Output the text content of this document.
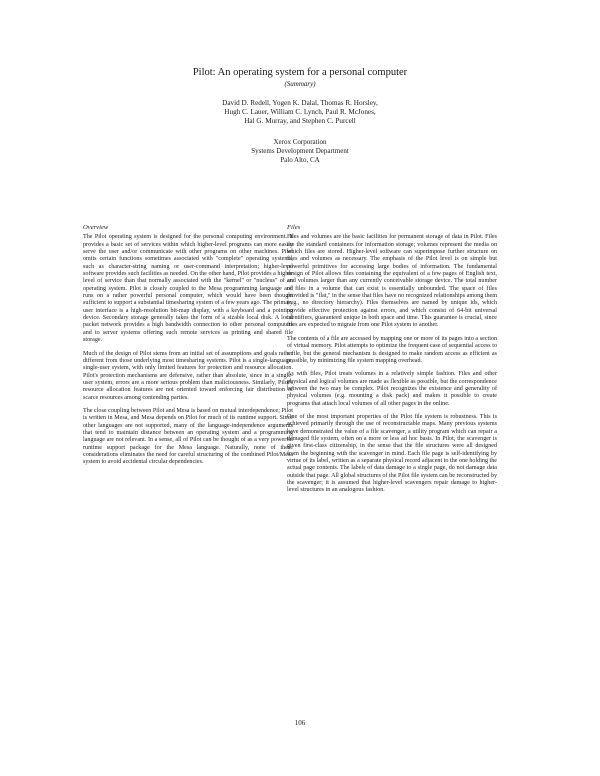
Pilot: An operating system for a personal computer
(Summary)
David D. Redell, Yogen K. Dalal, Thomas R. Horsley,
Hugh C. Lauer, William C. Lynch, Paul R. McJones,
Hal G. Murray, and Stephen C. Purcell
Xerox Corporation
Systems Development Department
Palo Alto, CA
Overview

The Pilot operating system is designed for the personal computing environment. It provides a basic set of services within which higher-level programs can more easily serve the user and/or communicate with other programs on other machines. Pilot omits certain functions sometimes associated with "complete" operating systems, such as character-string naming or user-command interpretation; higher-level software provides such facilities as needed. On the other hand, Pilot provides a higher level of service than that normally associated with the "kernel" or "nucleus" of an operating system. Pilot is closely coupled to the Mesa programming language and runs on a rather powerful personal computer, which would have been thought sufficient to support a substantial timesharing system of a few years ago. The primary user interface is a high-resolution bit-map display, with a keyboard and a pointing device. Secondary storage generally takes the form of a sizable local disk. A local packet network provides a high bandwidth connection to other personal computers and to server systems offering such remote services as printing and shared file storage.

Much of the design of Pilot stems from an initial set of assumptions and goals rather different from those underlying most timesharing systems. Pilot is a single-language, single-user system, with only limited features for protection and resource allocation. Pilot's protection mechanisms are defensive, rather than absolute, since in a single-user system, errors are a more serious problem than maliciousness. Similarly, Pilot's resource allocation features are not oriented toward enforcing fair distribution of scarce resources among contending parties.

The close coupling between Pilot and Mesa is based on mutual interdependence; Pilot is written in Mesa, and Mesa depends on Pilot for much of its runtime support. Since other languages are not supported, many of the language-independence arguments that tend to maintain distance between an operating system and a programming language are not relevant. In a sense, all of Pilot can be thought of as a very powerful runtime support package for the Mesa language. Naturally, none of these considerations eliminates the need for careful structuring of the combined Pilot/Mesa system to avoid accidental circular dependencies.

Files

Files and volumes are the basic facilities for permanent storage of data in Pilot. Files are the standard containers for information storage; volumes represent the media on which files are stored. Higher-level software can superimpose further structure on files and volumes as necessary. The emphasis of the Pilot level is on simple but powerful primitives for accessing large bodies of information. The fundamental design of Pilot allows files containing the equivalent of a few pages of English text, and volumes larger than any currently conceivable storage device. The total number of files in a volume that can exist is essentially unbounded. The space of files provided is "flat," in the sense that files have no recognized relationships among them (e.g., no directory hierarchy). Files themselves are named by unique ids, which provide effective protection against errors, and which consist of 64-bit universal identifiers, guaranteed unique in both space and time. This guarantee is crucial, since files are expected to migrate from one Pilot system to another.

The contents of a file are accessed by mapping one or more of its pages into a section of virtual memory. Pilot attempts to optimize the frequent case of sequential access to a file, but the general mechanism is designed to make random access as efficient as possible, by minimizing file system mapping overhead.

As with files, Pilot treats volumes in a relatively simple fashion. Files and other physical and logical volumes are made as flexible as possible, but the correspondence between the two may be complex. Pilot recognizes the existence and generality of physical volumes (e.g. mounting a disk pack) and makes it possible to create programs that attach local volumes of all other pages in the online.

One of the most important properties of the Pilot file system is robustness. This is achieved primarily through the use of reconstructable maps. Many previous systems have demonstrated the value of a file scavenger, a utility program which can repair a damaged file system, often on a more or less ad hoc basis. In Pilot, the scavenger is given first-class citizenship, in the sense that the file structures were all designed from the beginning with the scavenger in mind. Each file page is self-identifying by virtue of its label, written as a separate physical record adjacent to the one holding the actual page contents. The labels of data damage to a single page, do not damage data outside that page. All global structures of the Pilot file system can be reconstructed by the scavenger; it is assumed that higher-level scavengers repair damage to higher-level structures in an analogous fashion.

106
